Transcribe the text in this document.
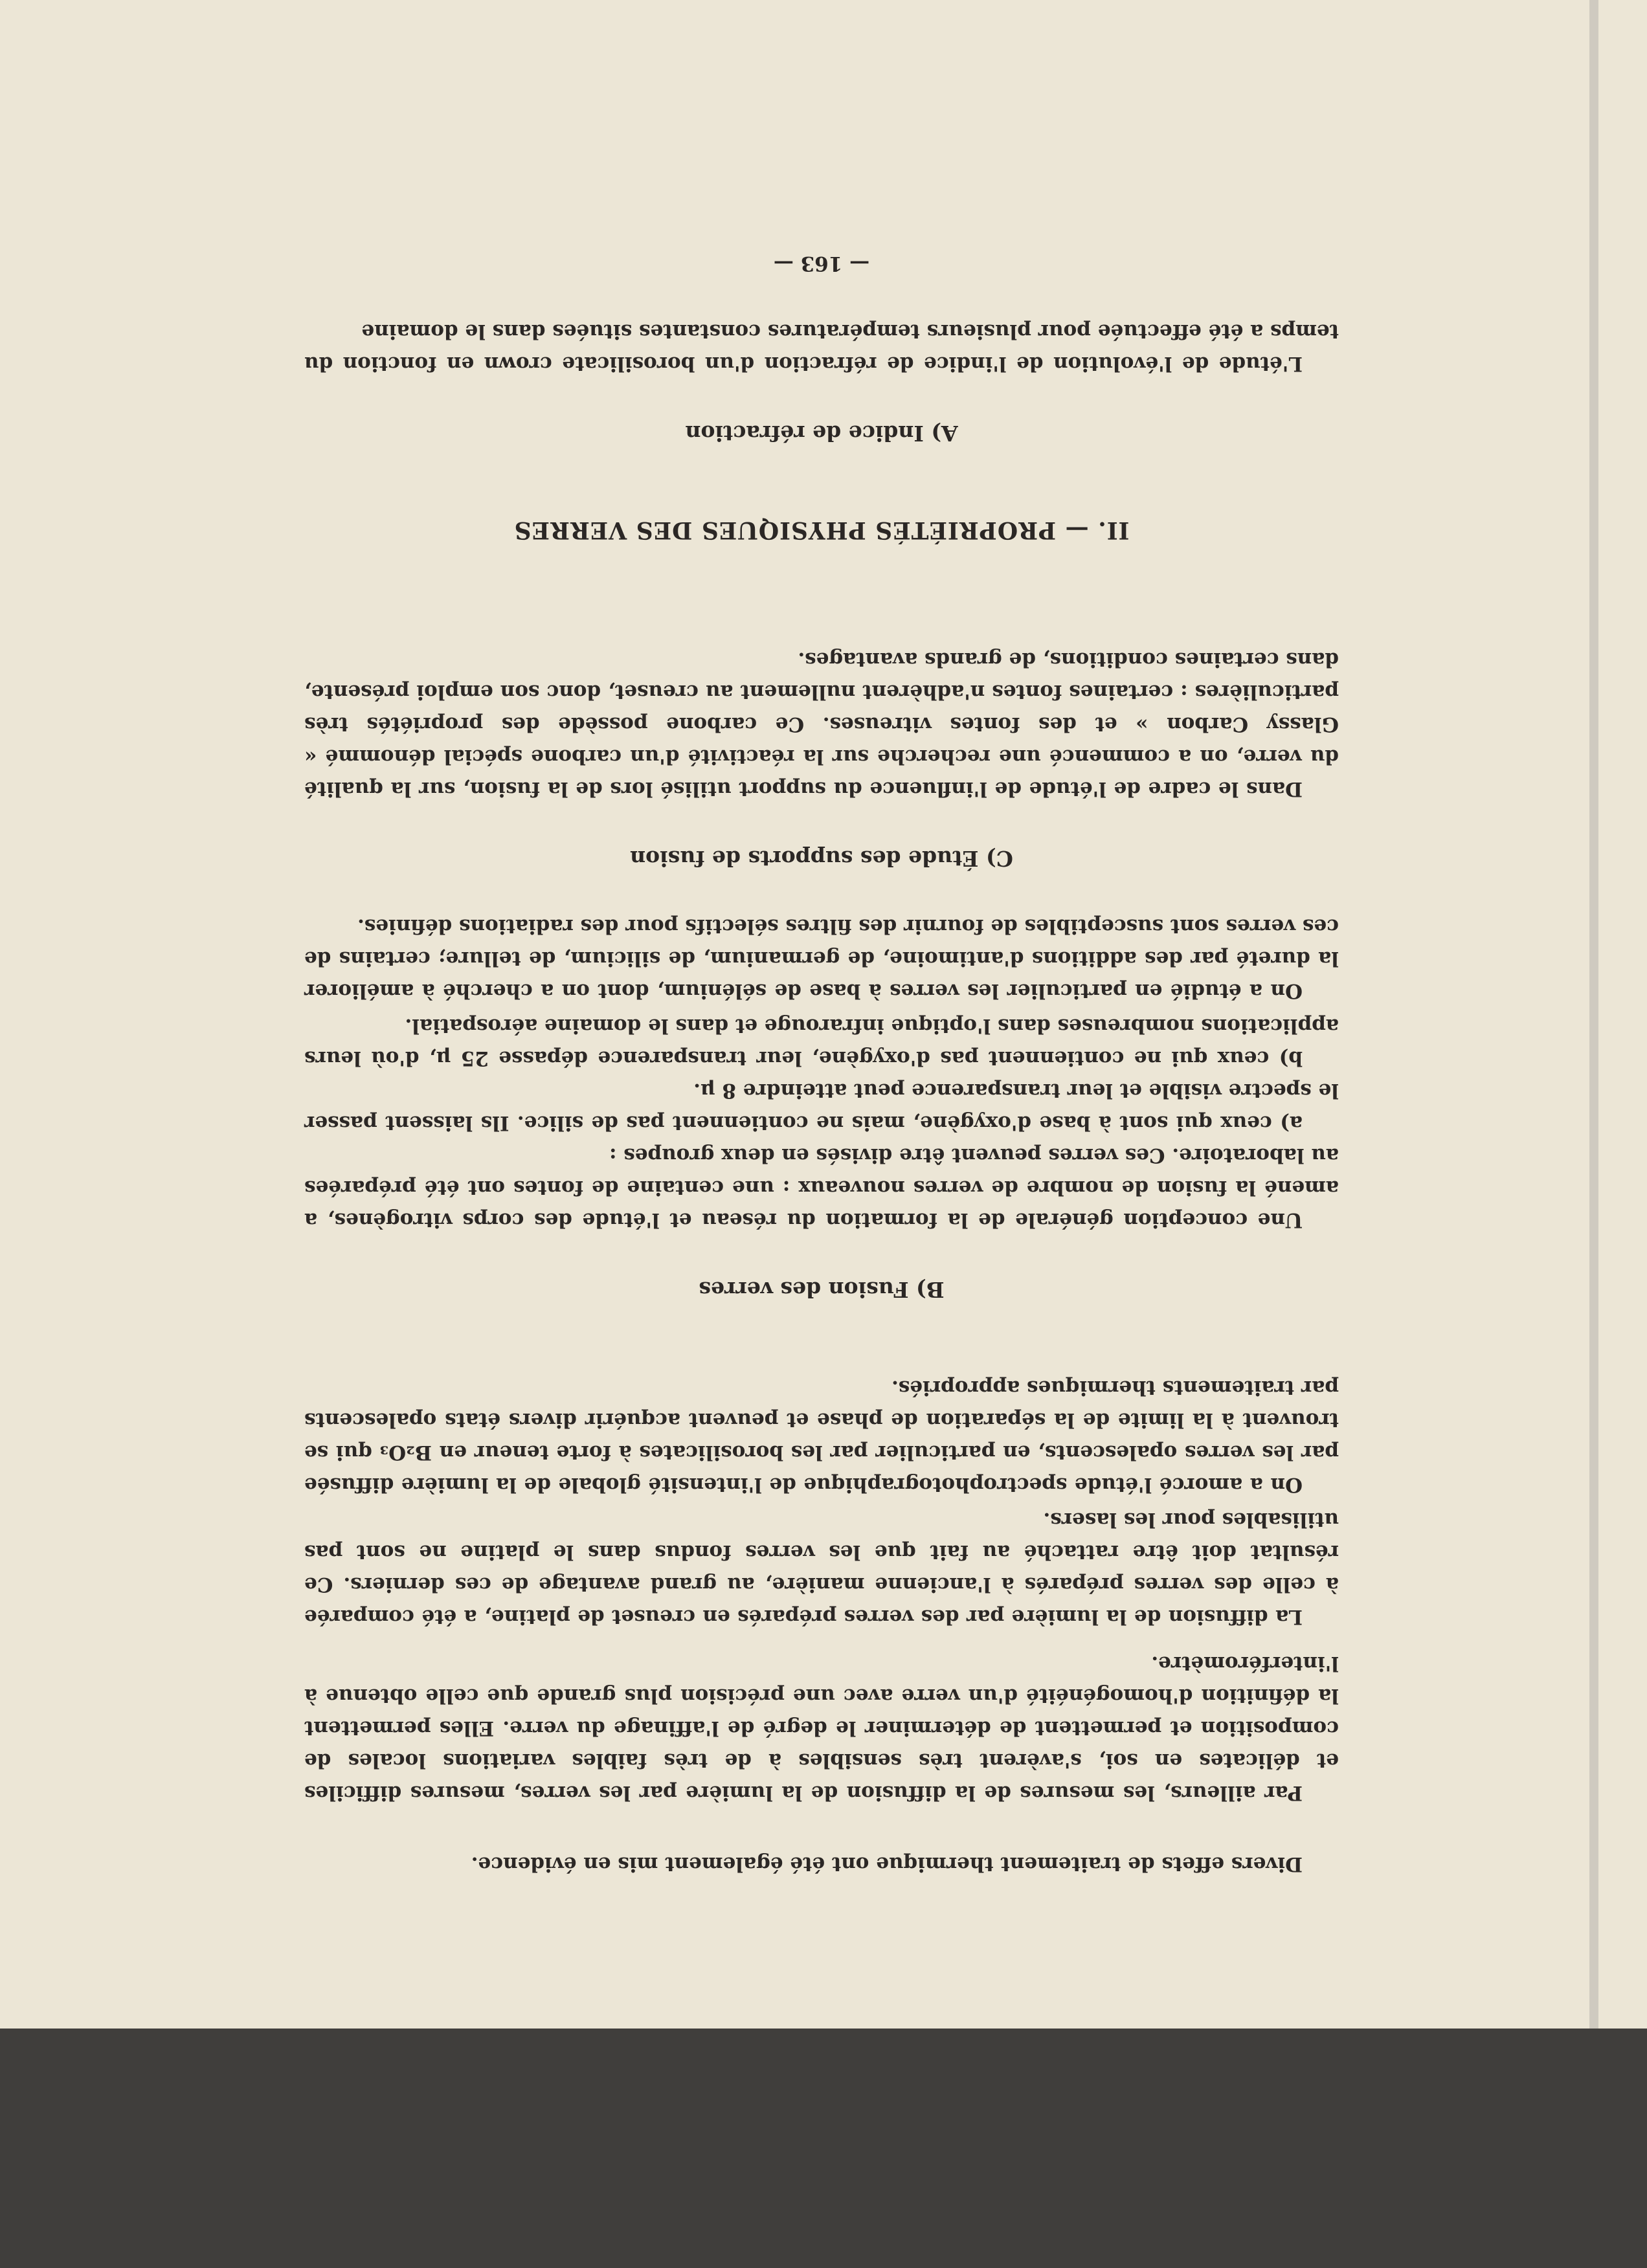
Divers effets de traitement thermique ont été également mis en évidence.

Par ailleurs, les mesures de la diffusion de la lumière par les verres, mesures difficiles et délicates en soi, s'avèrent très sensibles à de très faibles variations locales de composition et permettent de déterminer le degré de l'affinage du verre. Elles permettent la définition d'homogénéité d'un verre avec une précision plus grande que celle obtenue à l'interféromètre.

La diffusion de la lumière par des verres préparés en creuset de platine, a été comparée à celle des verres préparés à l'ancienne manière, au grand avantage de ces derniers. Ce résultat doit être rattaché au fait que les verres fondus dans le platine ne sont pas utilisables pour les lasers.

On a amorcé l'étude spectrophotographique de l'intensité globale de la lumière diffusée par les verres opalescents, en particulier par les borosilicates à forte teneur en B₂O₃ qui se trouvent à la limite de la séparation de phase et peuvent acquérir divers états opalescents par traitements thermiques appropriés.

B) Fusion des verres

Une conception générale de la formation du réseau et l'étude des corps vitrogènes, a amené la fusion de nombre de verres nouveaux : une centaine de fontes ont été préparées au laboratoire. Ces verres peuvent être divisés en deux groupes :

a) ceux qui sont à base d'oxygène, mais ne contiennent pas de silice. Ils laissent passer le spectre visible et leur transparence peut atteindre 8 μ.

b) ceux qui ne contiennent pas d'oxygène, leur transparence dépasse 25 μ, d'où leurs applications nombreuses dans l'optique infrarouge et dans le domaine aérospatial.

On a étudié en particulier les verres à base de sélénium, dont on a cherché à améliorer la dureté par des additions d'antimoine, de germanium, de silicium, de tellure; certains de ces verres sont susceptibles de fournir des filtres sélectifs pour des radiations définies.

C) Étude des supports de fusion

Dans le cadre de l'étude de l'influence du support utilisé lors de la fusion, sur la qualité du verre, on a commencé une recherche sur la réactivité d'un carbone spécial dénommé « Glassy Carbon » et des fontes vitreuses. Ce carbone possède des propriétés très particulières : certaines fontes n'adhèrent nullement au creuset, donc son emploi présente, dans certaines conditions, de grands avantages.

II. — PROPRIÉTÉS PHYSIQUES DES VERRES
A) Indice de réfraction

L'étude de l'évolution de l'indice de réfraction d'un borosilicate crown en fonction du temps a été effectuée pour plusieurs températures constantes situées dans le domaine

— 163 —
